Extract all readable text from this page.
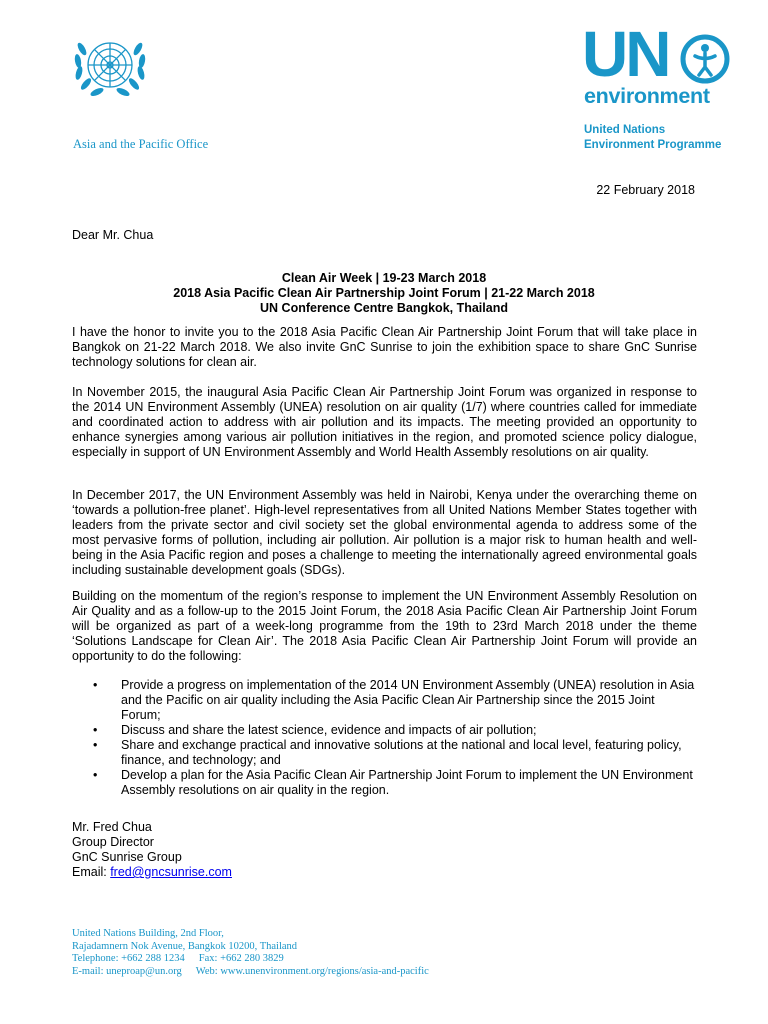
Asia and the Pacific Office
UN
environment
United Nations
Environment Programme
22 February 2018
Dear Mr. Chua
Clean Air Week | 19-23 March 2018
2018 Asia Pacific Clean Air Partnership Joint Forum | 21-22 March 2018
UN Conference Centre Bangkok, Thailand
I have the honor to invite you to the 2018 Asia Pacific Clean Air Partnership Joint Forum that will take place in Bangkok on 21-22 March 2018. We also invite GnC Sunrise to join the exhibition space to share GnC Sunrise technology solutions for clean air.
In November 2015, the inaugural Asia Pacific Clean Air Partnership Joint Forum was organized in response to the 2014 UN Environment Assembly (UNEA) resolution on air quality (1/7) where countries called for immediate and coordinated action to address with air pollution and its impacts. The meeting provided an opportunity to enhance synergies among various air pollution initiatives in the region, and promoted science policy dialogue, especially in support of UN Environment Assembly and World Health Assembly resolutions on air quality.
In December 2017, the UN Environment Assembly was held in Nairobi, Kenya under the overarching theme on ‘towards a pollution-free planet’. High-level representatives from all United Nations Member States together with leaders from the private sector and civil society set the global environmental agenda to address some of the most pervasive forms of pollution, including air pollution. Air pollution is a major risk to human health and well-being in the Asia Pacific region and poses a challenge to meeting the internationally agreed environmental goals including sustainable development goals (SDGs).
Building on the momentum of the region’s response to implement the UN Environment Assembly Resolution on Air Quality and as a follow-up to the 2015 Joint Forum, the 2018 Asia Pacific Clean Air Partnership Joint Forum will be organized as part of a week-long programme from the 19th to 23rd March 2018 under the theme ‘Solutions Landscape for Clean Air’. The 2018 Asia Pacific Clean Air Partnership Joint Forum will provide an opportunity to do the following:
• Provide a progress on implementation of the 2014 UN Environment Assembly (UNEA) resolution in Asia and the Pacific on air quality including the Asia Pacific Clean Air Partnership since the 2015 Joint Forum;
• Discuss and share the latest science, evidence and impacts of air pollution;
• Share and exchange practical and innovative solutions at the national and local level, featuring policy, finance, and technology; and
• Develop a plan for the Asia Pacific Clean Air Partnership Joint Forum to implement the UN Environment Assembly resolutions on air quality in the region.
Mr. Fred Chua
Group Director
GnC Sunrise Group
Email: fred@gncsunrise.com
United Nations Building, 2nd Floor,
Rajadamnern Nok Avenue, Bangkok 10200, Thailand
Telephone: +662 288 1234 Fax: +662 280 3829
E-mail: uneproap@un.org Web: www.unenvironment.org/regions/asia-and-pacific
